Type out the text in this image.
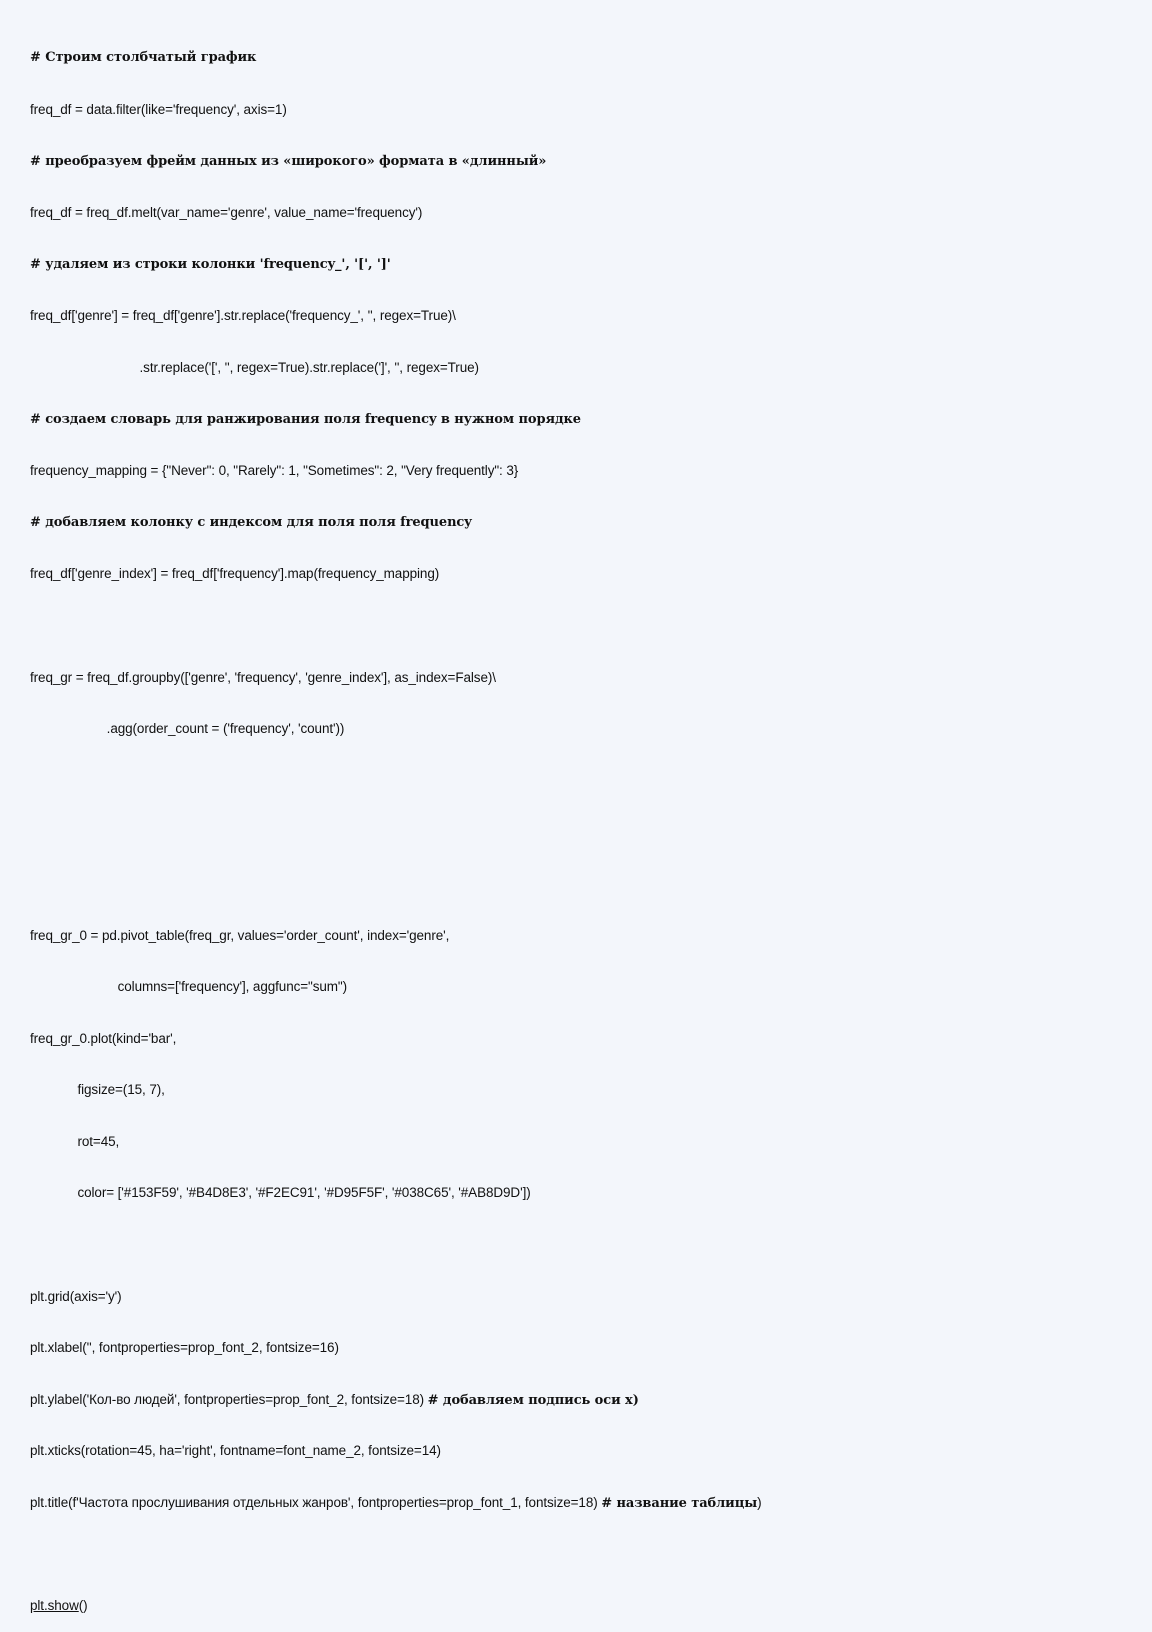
# Строим столбчатый график

freq_df = data.filter(like='frequency', axis=1)

# преобразуем фрейм данных из «широкого» формата в «длинный»

freq_df = freq_df.melt(var_name='genre', value_name='frequency')

# удаляем из строки колонки 'frequency_', '[', ']'

freq_df['genre'] = freq_df['genre'].str.replace('frequency_', '', regex=True)\

.str.replace('[', '', regex=True).str.replace(']', '', regex=True)

# создаем словарь для ранжирования поля frequency в нужном порядке

frequency_mapping = {"Never": 0, "Rarely": 1, "Sometimes": 2, "Very frequently": 3}

# добавляем колонку с индексом для поля поля frequency

freq_df['genre_index'] = freq_df['frequency'].map(frequency_mapping)

freq_gr = freq_df.groupby(['genre', 'frequency', 'genre_index'], as_index=False)\

.agg(order_count = ('frequency', 'count'))

freq_gr_0 = pd.pivot_table(freq_gr, values='order_count', index='genre',

columns=['frequency'], aggfunc="sum")

freq_gr_0.plot(kind='bar',

figsize=(15, 7),

rot=45,

color= ['#153F59', '#B4D8E3', '#F2EC91', '#D95F5F', '#038C65', '#AB8D9D'])

plt.grid(axis='y')

plt.xlabel('', fontproperties=prop_font_2, fontsize=16)

plt.ylabel('Кол-во людей', fontproperties=prop_font_2, fontsize=18) # добавляем подпись оси x)

plt.xticks(rotation=45, ha='right', fontname=font_name_2, fontsize=14)

plt.title(f'Частота прослушивания отдельных жанров', fontproperties=prop_font_1, fontsize=18) # название таблицы)

plt.show()
